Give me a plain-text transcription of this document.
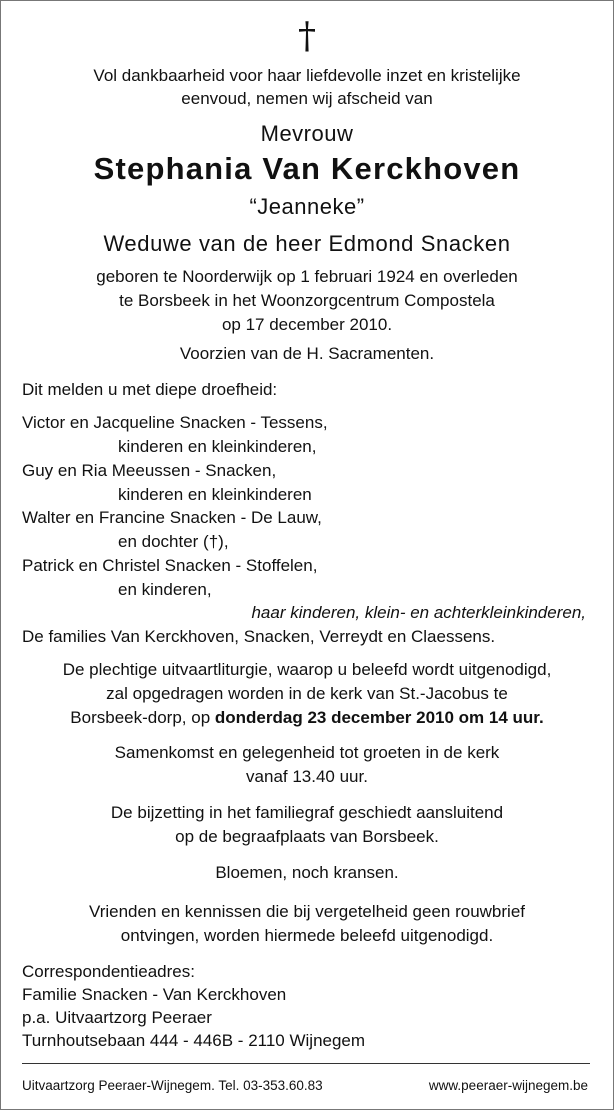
†
Vol dankbaarheid voor haar liefdevolle inzet en kristelijke
eenvoud, nemen wij afscheid van
Mevrouw
Stephania Van Kerckhoven
“Jeanneke”
Weduwe van de heer Edmond Snacken
geboren te Noorderwijk op 1 februari 1924 en overleden
te Borsbeek in het Woonzorgcentrum Compostela
op 17 december 2010.
Voorzien van de H. Sacramenten.
Dit melden u met diepe droefheid:
Victor en Jacqueline Snacken - Tessens,
kinderen en kleinkinderen,
Guy en Ria Meeussen - Snacken,
kinderen en kleinkinderen
Walter en Francine Snacken - De Lauw,
en dochter (†),
Patrick en Christel Snacken - Stoffelen,
en kinderen,
haar kinderen, klein- en achterkleinkinderen,
De families Van Kerckhoven, Snacken, Verreydt en Claessens.
De plechtige uitvaartliturgie, waarop u beleefd wordt uitgenodigd,
zal opgedragen worden in de kerk van St.-Jacobus te
Borsbeek-dorp, op donderdag 23 december 2010 om 14 uur.
Samenkomst en gelegenheid tot groeten in de kerk
vanaf 13.40 uur.
De bijzetting in het familiegraf geschiedt aansluitend
op de begraafplaats van Borsbeek.
Bloemen, noch kransen.
Vrienden en kennissen die bij vergetelheid geen rouwbrief
ontvingen, worden hiermede beleefd uitgenodigd.
Correspondentieadres:
Familie Snacken - Van Kerckhoven
p.a. Uitvaartzorg Peeraer
Turnhoutsebaan 444 - 446B - 2110 Wijnegem
Uitvaartzorg Peeraer-Wijnegem. Tel. 03-353.60.83	www.peeraer-wijnegem.be
